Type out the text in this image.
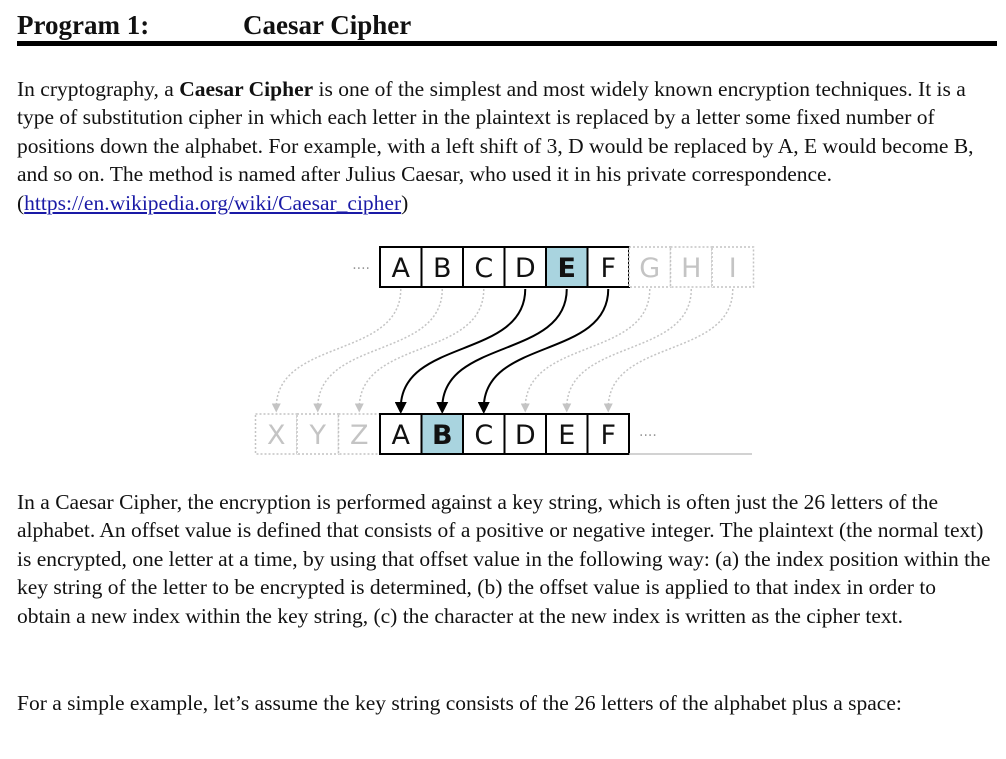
Program 1:	Caesar Cipher

In cryptography, a Caesar Cipher is one of the simplest and most widely known encryption techniques. It is a type of substitution cipher in which each letter in the plaintext is replaced by a letter some fixed number of positions down the alphabet. For example, with a left shift of 3, D would be replaced by A, E would become B, and so on. The method is named after Julius Caesar, who used it in his private correspondence. (https://en.wikipedia.org/wiki/Caesar_cipher)

···· A B C D E F G H I
X Y Z A B C D E F ····

In a Caesar Cipher, the encryption is performed against a key string, which is often just the 26 letters of the alphabet. An offset value is defined that consists of a positive or negative integer. The plaintext (the normal text) is encrypted, one letter at a time, by using that offset value in the following way: (a) the index position within the key string of the letter to be encrypted is determined, (b) the offset value is applied to that index in order to obtain a new index within the key string, (c) the character at the new index is written as the cipher text.

For a simple example, let’s assume the key string consists of the 26 letters of the alphabet plus a space:
